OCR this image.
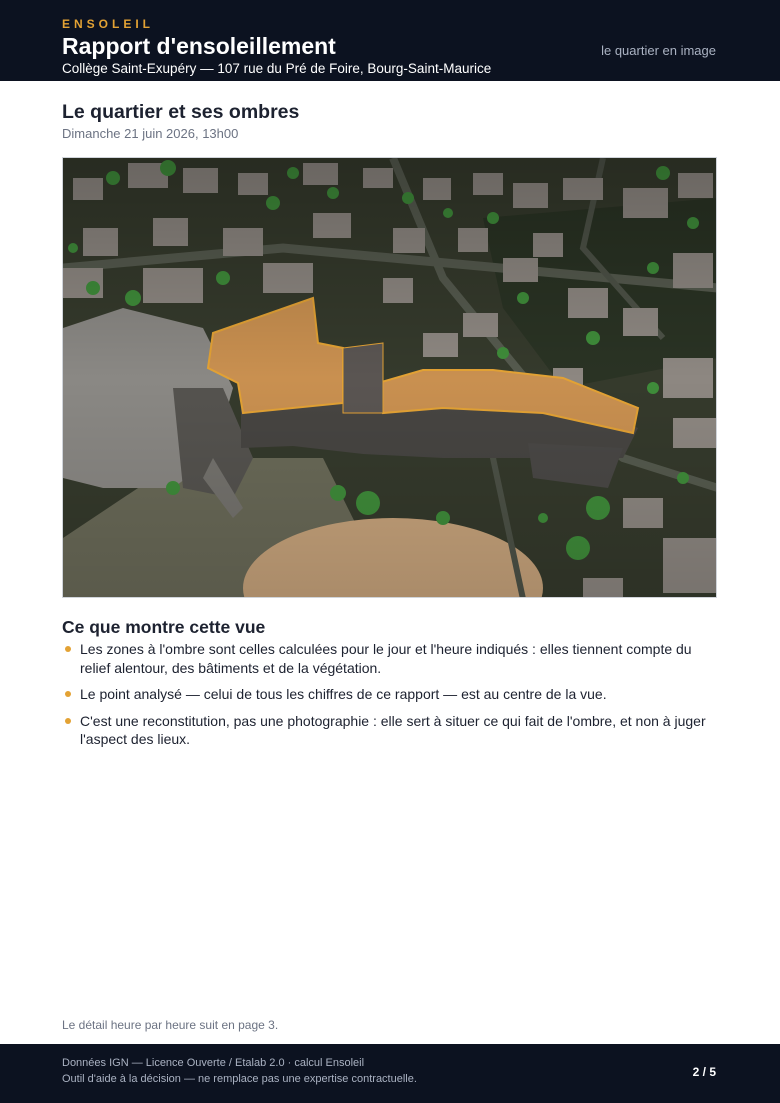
ENSOLEIL
Rapport d'ensoleillement
Collège Saint-Exupéry — 107 rue du Pré de Foire, Bourg-Saint-Maurice
le quartier en image
Le quartier et ses ombres
Dimanche 21 juin 2026, 13h00
Ce que montre cette vue
Les zones à l'ombre sont celles calculées pour le jour et l'heure indiqués : elles tiennent compte du relief alentour, des bâtiments et de la végétation.
Le point analysé — celui de tous les chiffres de ce rapport — est au centre de la vue.
C'est une reconstitution, pas une photographie : elle sert à situer ce qui fait de l'ombre, et non à juger l'aspect des lieux.
Le détail heure par heure suit en page 3.
Données IGN — Licence Ouverte / Etalab 2.0 · calcul Ensoleil
Outil d'aide à la décision — ne remplace pas une expertise contractuelle.	2 / 5
